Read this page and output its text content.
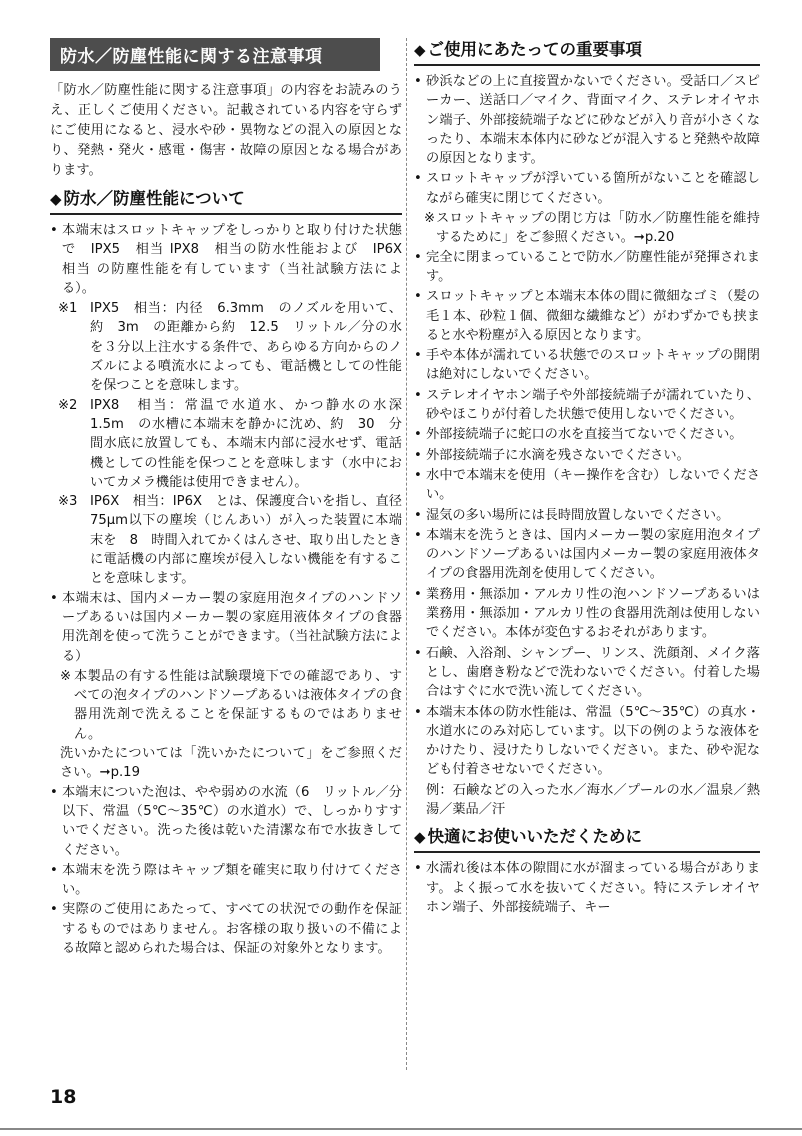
防水／防塵性能に関する注意事項

「防水／防塵性能に関する注意事項」の内容をお読みのうえ、正しくご使用ください。記載されている内容を守らずにご使用になると、浸水や砂・異物などの混入の原因となり、発熱・発火・感電・傷害・故障の原因となる場合があります。

◆ 防水／防塵性能について
• 本端末はスロットキャップをしっかりと取り付けた状態で　IPX5　相当 IPX8　相当の防水性能および　IP6X　相当 の防塵性能を有しています（当社試験方法による）。
※1 IPX5　相当：内径　6.3mm　のノズルを用いて、約　3m　の距離から約　12.5　リットル／分の水を３分以上注水する条件で、あらゆる方向からのノズルによる噴流水によっても、電話機としての性能を保つことを意味します。
※2 IPX8　相当：常温で水道水、かつ静水の水深　1.5m　の水槽に本端末を静かに沈め、約　30　分間水底に放置しても、本端末内部に浸水せず、電話機としての性能を保つことを意味します（水中においてカメラ機能は使用できません）。
※3 IP6X　相当：IP6X　とは、保護度合いを指し、直径　75μm以下の塵埃（じんあい）が入った装置に本端末を　8　時間入れてかくはんさせ、取り出したときに電話機の内部に塵埃が侵入しない機能を有することを意味します。
• 本端末は、国内メーカー製の家庭用泡タイプのハンドソープあるいは国内メーカー製の家庭用液体タイプの食器用洗剤を使って洗うことができます。（当社試験方法による）
※ 本製品の有する性能は試験環境下での確認であり、すべての泡タイプのハンドソープあるいは液体タイプの食器用洗剤で洗えることを保証するものではありません。
洗いかたについては「洗いかたについて」をご参照ください。➞p.19
• 本端末についた泡は、やや弱めの水流（6　リットル／分以下、常温（5℃〜35℃）の水道水）で、しっかりすすいでください。洗った後は乾いた清潔な布で水抜きしてください。
• 本端末を洗う際はキャップ類を確実に取り付けてください。
• 実際のご使用にあたって、すべての状況での動作を保証するものではありません。お客様の取り扱いの不備による故障と認められた場合は、保証の対象外となります。
◆ ご使用にあたっての重要事項
• 砂浜などの上に直接置かないでください。受話口／スピーカー、送話口／マイク、背面マイク、ステレオイヤホン端子、外部接続端子などに砂などが入り音が小さくなったり、本端末本体内に砂などが混入すると発熱や故障の原因となります。
• スロットキャップが浮いている箇所がないことを確認しながら確実に閉じてください。
※ スロットキャップの閉じ方は「防水／防塵性能を維持するために」をご参照ください。➞p.20
• 完全に閉まっていることで防水／防塵性能が発揮されます。
• スロットキャップと本端末本体の間に微細なゴミ（髪の毛１本、砂粒１個、微細な繊維など）がわずかでも挟まると水や粉塵が入る原因となります。
• 手や本体が濡れている状態でのスロットキャップの開閉は絶対にしないでください。
• ステレオイヤホン端子や外部接続端子が濡れていたり、砂やほこりが付着した状態で使用しないでください。
• 外部接続端子に蛇口の水を直接当てないでください。
• 外部接続端子に水滴を残さないでください。
• 水中で本端末を使用（キー操作を含む）しないでください。
• 湿気の多い場所には長時間放置しないでください。
• 本端末を洗うときは、国内メーカー製の家庭用泡タイプのハンドソープあるいは国内メーカー製の家庭用液体タイプの食器用洗剤を使用してください。
• 業務用・無添加・アルカリ性の泡ハンドソープあるいは業務用・無添加・アルカリ性の食器用洗剤は使用しないでください。本体が変色するおそれがあります。
• 石鹸、入浴剤、シャンプー、リンス、洗顔剤、メイク落とし、歯磨き粉などで洗わないでください。付着した場合はすぐに水で洗い流してください。
• 本端末本体の防水性能は、常温（5℃〜35℃）の真水・水道水にのみ対応しています。以下の例のような液体をかけたり、浸けたりしないでください。また、砂や泥なども付着させないでください。
例：石鹸などの入った水／海水／プールの水／温泉／熱湯／薬品／汗
◆ 快適にお使いいただくために
• 水濡れ後は本体の隙間に水が溜まっている場合があります。よく振って水を抜いてください。特にステレオイヤホン端子、外部接続端子、キー
18
